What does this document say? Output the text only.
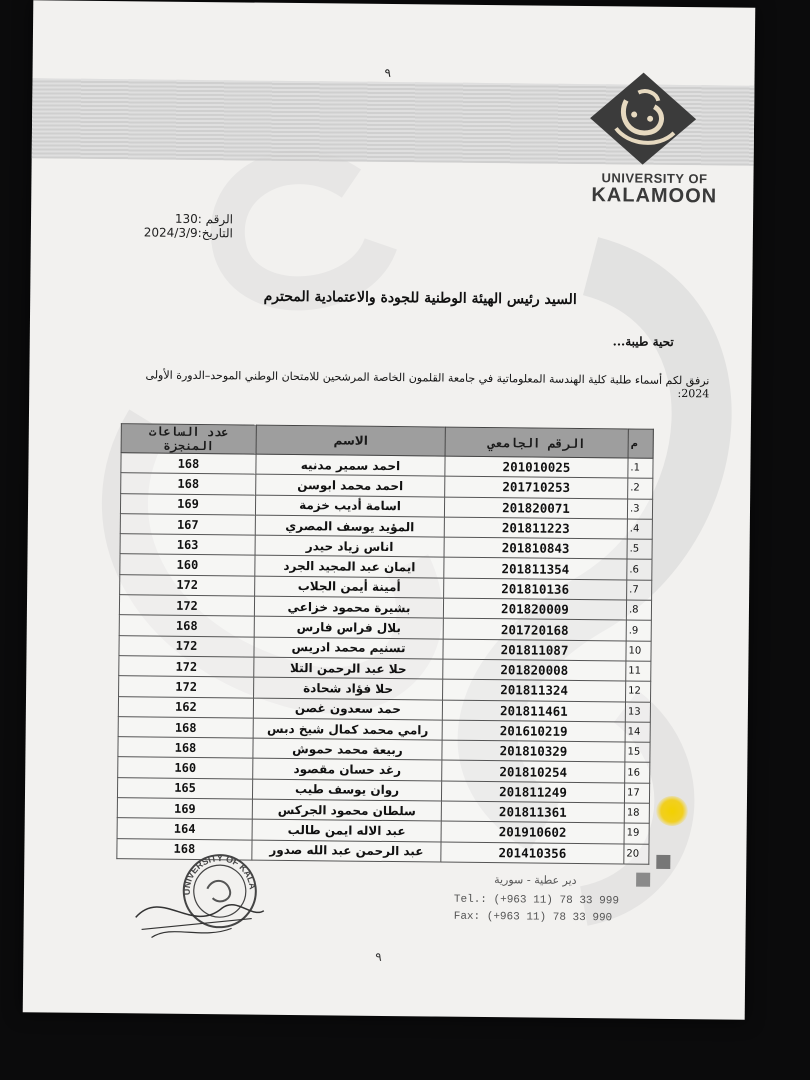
٩
UNIVERSITY OF
KALAMOON
الرقم :130
التاريخ:2024/3/9
السيد رئيس الهيئة الوطنية للجودة والاعتمادية المحترم
تحية طيبة...
نرفق لكم أسماء طلبة كلية الهندسة المعلوماتية في جامعة القلمون الخاصة المرشحين للامتحان الوطني الموحد–الدورة الأولى 2024:
م	الرقم الجامعي	الاسم	عدد الساعات المنجزة
1.	201010025	احمد سمير مدنيه	168
2.	201710253	احمد محمد ابوسن	168
3.	201820071	اسامة أديب خزمة	169
4.	201811223	المؤيد يوسف المصري	167
5.	201810843	اناس زياد حيدر	163
6.	201811354	ايمان عبد المجيد الجرد	160
7.	201810136	أمينة أيمن الجلاب	172
8.	201820009	بشيرة محمود خزاعي	172
9.	201720168	بلال فراس فارس	168
10	201811087	تسنيم محمد ادريس	172
11	201820008	حلا عبد الرحمن التلا	172
12	201811324	حلا فؤاد شحادة	172
13	201811461	حمد سعدون غصن	162
14	201610219	رامي محمد كمال شيخ دبس	168
15	201810329	ربيعة محمد حموش	168
16	201810254	رغد حسان مقصود	160
17	201811249	روان يوسف طيب	165
18	201811361	سلطان محمود الجركس	169
19	201910602	عبد الاله ايمن طالب	164
20	201410356	عبد الرحمن عبد الله صدور	168
UNIVERSITY OF KALAMOON
دير عطية - سورية
Tel.: (+963 11) 78 33 999
Fax: (+963 11) 78 33 990
٩
